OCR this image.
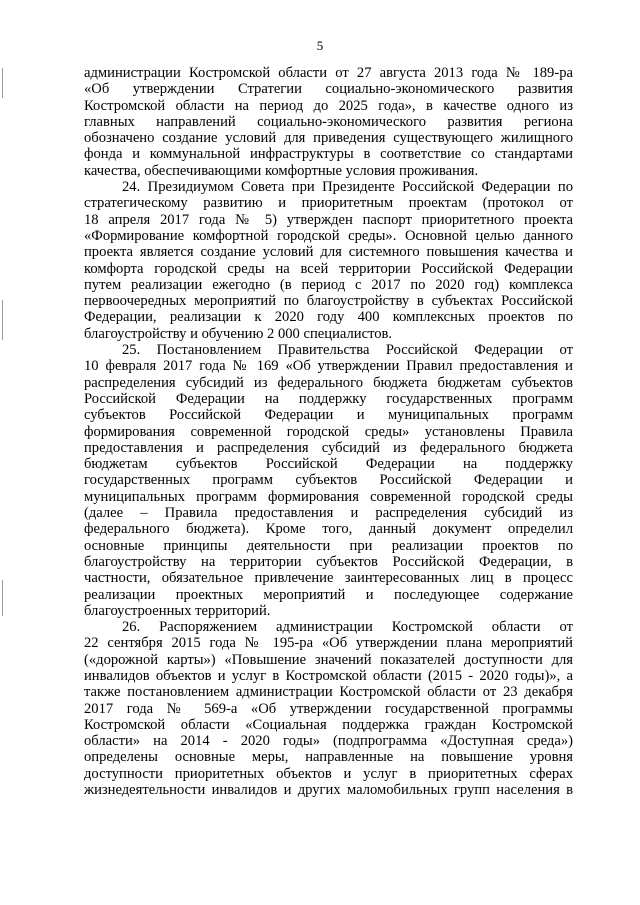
5
администрации Костромской области от 27 августа 2013 года № 189-ра
«Об утверждении Стратегии социально-экономического развития
Костромской области на период до 2025 года», в качестве одного из
главных направлений социально-экономического развития региона
обозначено создание условий для приведения существующего жилищного
фонда и коммунальной инфраструктуры в соответствие со стандартами
качества, обеспечивающими комфортные условия проживания.
24. Президиумом Совета при Президенте Российской Федерации по
стратегическому развитию и приоритетным проектам (протокол от
18 апреля 2017 года № 5) утвержден паспорт приоритетного проекта
«Формирование комфортной городской среды». Основной целью данного
проекта является создание условий для системного повышения качества и
комфорта городской среды на всей территории Российской Федерации
путем реализации ежегодно (в период с 2017 по 2020 год) комплекса
первоочередных мероприятий по благоустройству в субъектах Российской
Федерации, реализации к 2020 году 400 комплексных проектов по
благоустройству и обучению 2 000 специалистов.
25. Постановлением Правительства Российской Федерации от
10 февраля 2017 года № 169 «Об утверждении Правил предоставления и
распределения субсидий из федерального бюджета бюджетам субъектов
Российской Федерации на поддержку государственных программ
субъектов Российской Федерации и муниципальных программ
формирования современной городской среды» установлены Правила
предоставления и распределения субсидий из федерального бюджета
бюджетам субъектов Российской Федерации на поддержку
государственных программ субъектов Российской Федерации и
муниципальных программ формирования современной городской среды
(далее – Правила предоставления и распределения субсидий из
федерального бюджета). Кроме того, данный документ определил
основные принципы деятельности при реализации проектов по
благоустройству на территории субъектов Российской Федерации, в
частности, обязательное привлечение заинтересованных лиц в процесс
реализации проектных мероприятий и последующее содержание
благоустроенных территорий.
26. Распоряжением администрации Костромской области от
22 сентября 2015 года № 195-ра «Об утверждении плана мероприятий
(«дорожной карты») «Повышение значений показателей доступности для
инвалидов объектов и услуг в Костромской области (2015 - 2020 годы)», а
также постановлением администрации Костромской области от 23 декабря
2017 года № 569-а «Об утверждении государственной программы
Костромской области «Социальная поддержка граждан Костромской
области» на 2014 - 2020 годы» (подпрограмма «Доступная среда»)
определены основные меры, направленные на повышение уровня
доступности приоритетных объектов и услуг в приоритетных сферах
жизнедеятельности инвалидов и других маломобильных групп населения в
